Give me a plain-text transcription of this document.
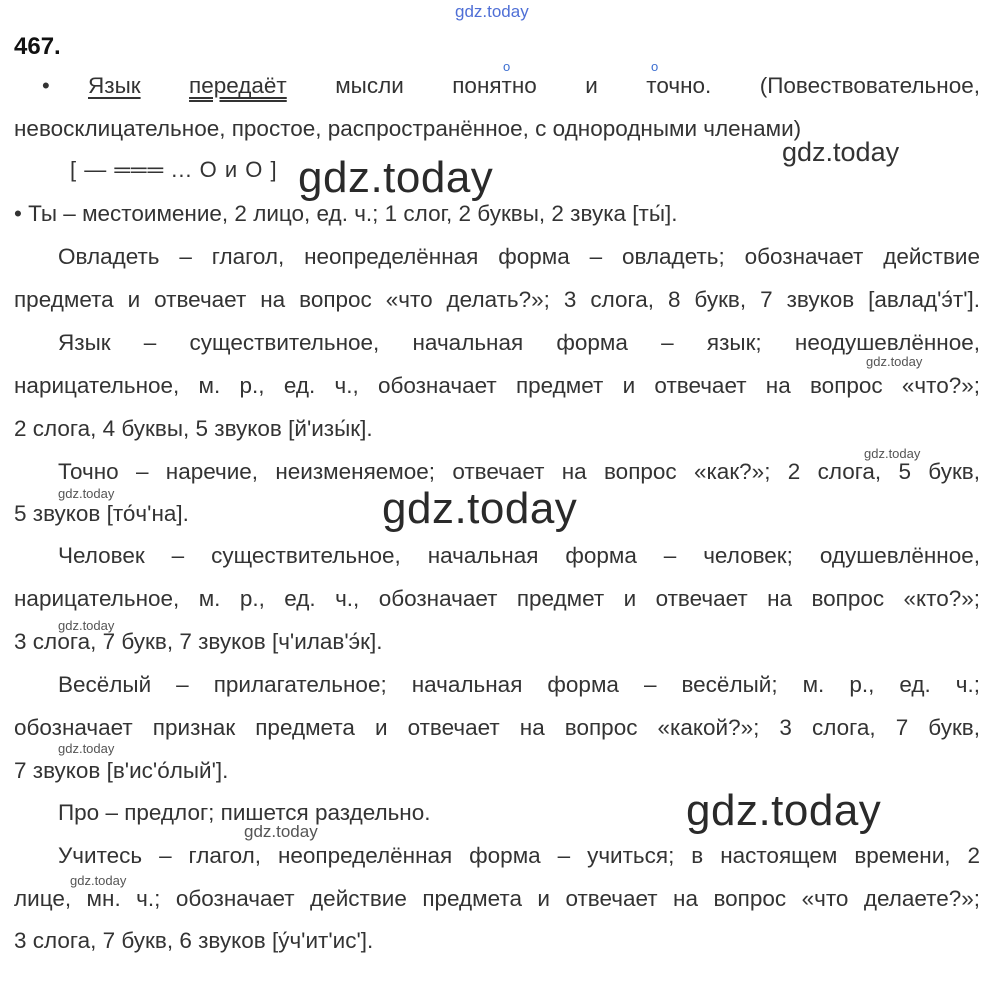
gdz.today
gdz.today
gdz.today
gdz.today
gdz.today
gdz.today	gdz.today
gdz.today
gdz.today
gdz.today
gdz.today
gdz.today
467.
•
о	о
Язык передаёт мысли понятно и точно. (Повествовательное,
невосклицательное, простое, распространённое, с однородными членами)
[ — ═══ ... О и О ]
• Ты – местоимение, 2 лицо, ед. ч.; 1 слог, 2 буквы, 2 звука [ты́].
Овладеть – глагол, неопределённая форма – овладеть; обозначает действие
предмета и отвечает на вопрос «что делать?»; 3 слога, 8 букв, 7 звуков [авлад'э́т'].
Язык – существительное, начальная форма – язык; неодушевлённое,
нарицательное, м. р., ед. ч., обозначает предмет и отвечает на вопрос «что?»;
2 слога, 4 буквы, 5 звуков [й'изы́к].
Точно – наречие, неизменяемое; отвечает на вопрос «как?»; 2 слога, 5 букв,
5 звуков [то́ч'на].
Человек – существительное, начальная форма – человек; одушевлённое,
нарицательное, м. р., ед. ч., обозначает предмет и отвечает на вопрос «кто?»;
3 слога, 7 букв, 7 звуков [ч'илав'э́к].
Весёлый – прилагательное; начальная форма – весёлый; м. р., ед. ч.;
обозначает признак предмета и отвечает на вопрос «какой?»; 3 слога, 7 букв,
7 звуков [в'ис'о́лый'].
Про – предлог; пишется раздельно.
Учитесь – глагол, неопределённая форма – учиться; в настоящем времени, 2
лице, мн. ч.; обозначает действие предмета и отвечает на вопрос «что делаете?»;
3 слога, 7 букв, 6 звуков [у́ч'ит'ис'].
